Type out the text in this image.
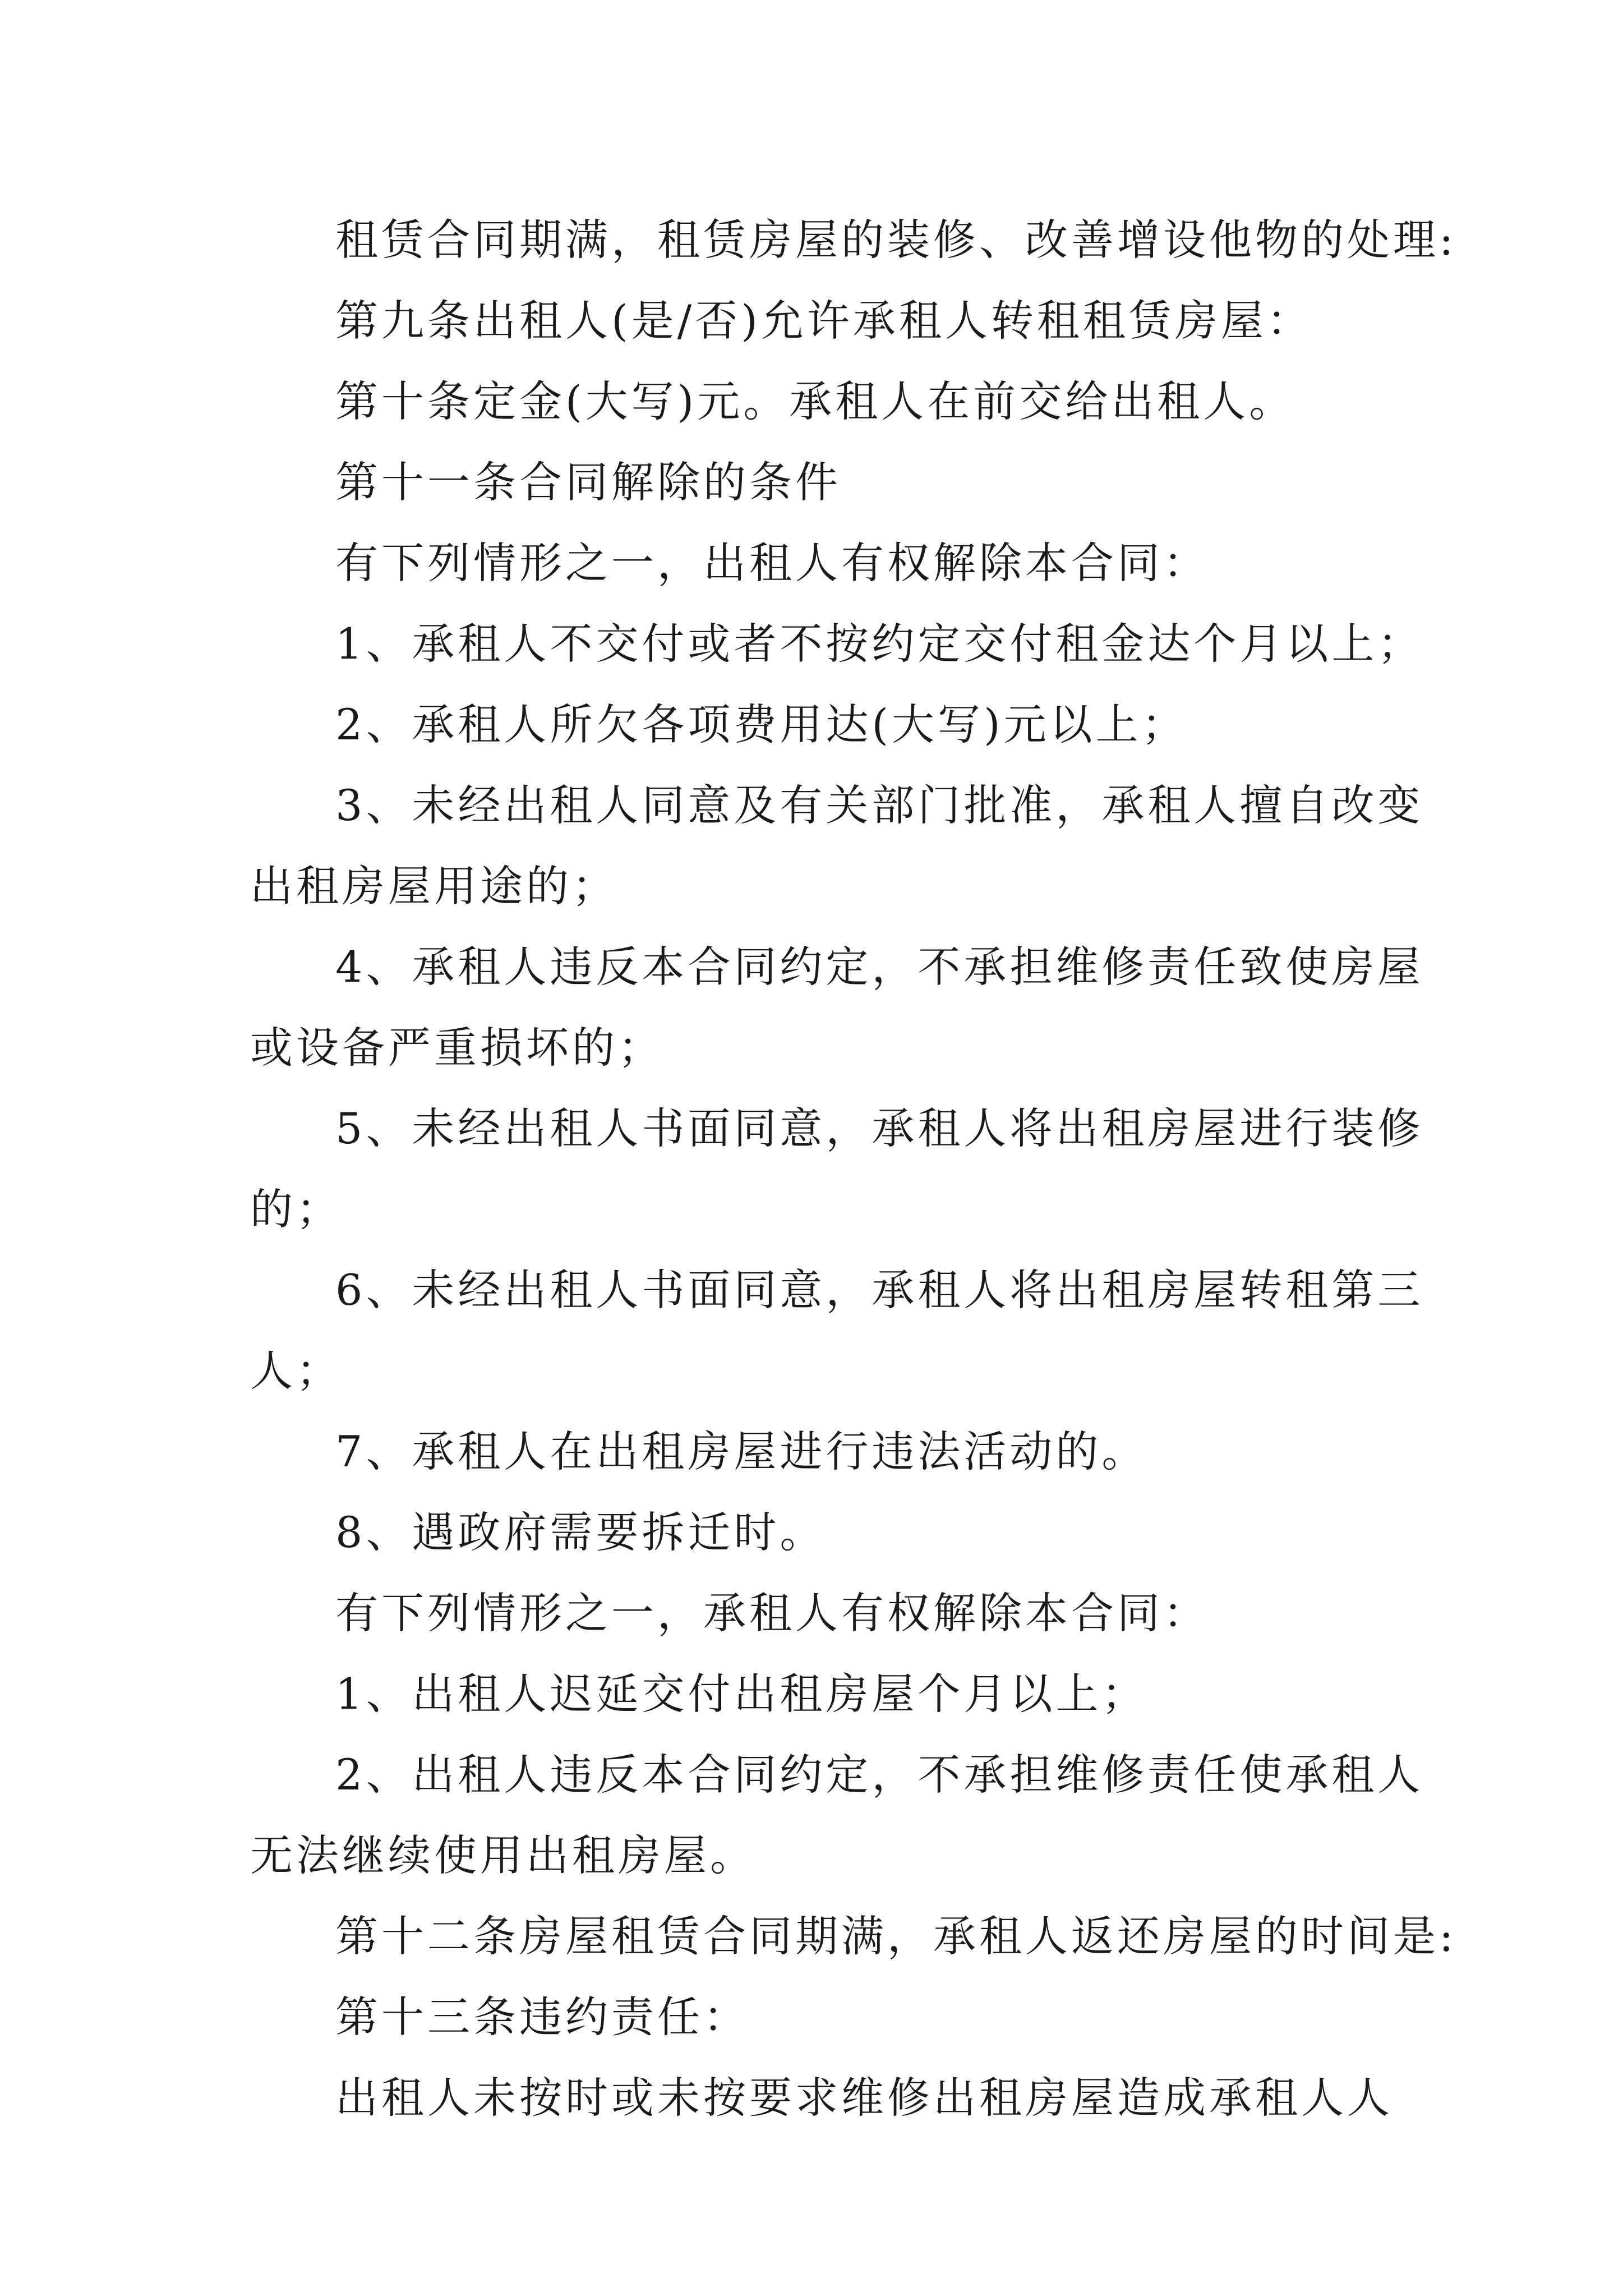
租赁合同期满，租赁房屋的装修、改善增设他物的处理:
第九条出租人(是/否)允许承租人转租租赁房屋：
第十条定金(大写)元。承租人在前交给出租人。
第十一条合同解除的条件
有下列情形之一，出租人有权解除本合同：
1、承租人不交付或者不按约定交付租金达个月以上；
2、承租人所欠各项费用达(大写)元以上；
3、未经出租人同意及有关部门批准，承租人擅自改变
出租房屋用途的；
4、承租人违反本合同约定，不承担维修责任致使房屋
或设备严重损坏的；
5、未经出租人书面同意，承租人将出租房屋进行装修
的；
6、未经出租人书面同意，承租人将出租房屋转租第三
人；
7、承租人在出租房屋进行违法活动的。
8、遇政府需要拆迁时。
有下列情形之一，承租人有权解除本合同：
1、出租人迟延交付出租房屋个月以上；
2、出租人违反本合同约定，不承担维修责任使承租人
无法继续使用出租房屋。
第十二条房屋租赁合同期满，承租人返还房屋的时间是:
第十三条违约责任：
出租人未按时或未按要求维修出租房屋造成承租人人
